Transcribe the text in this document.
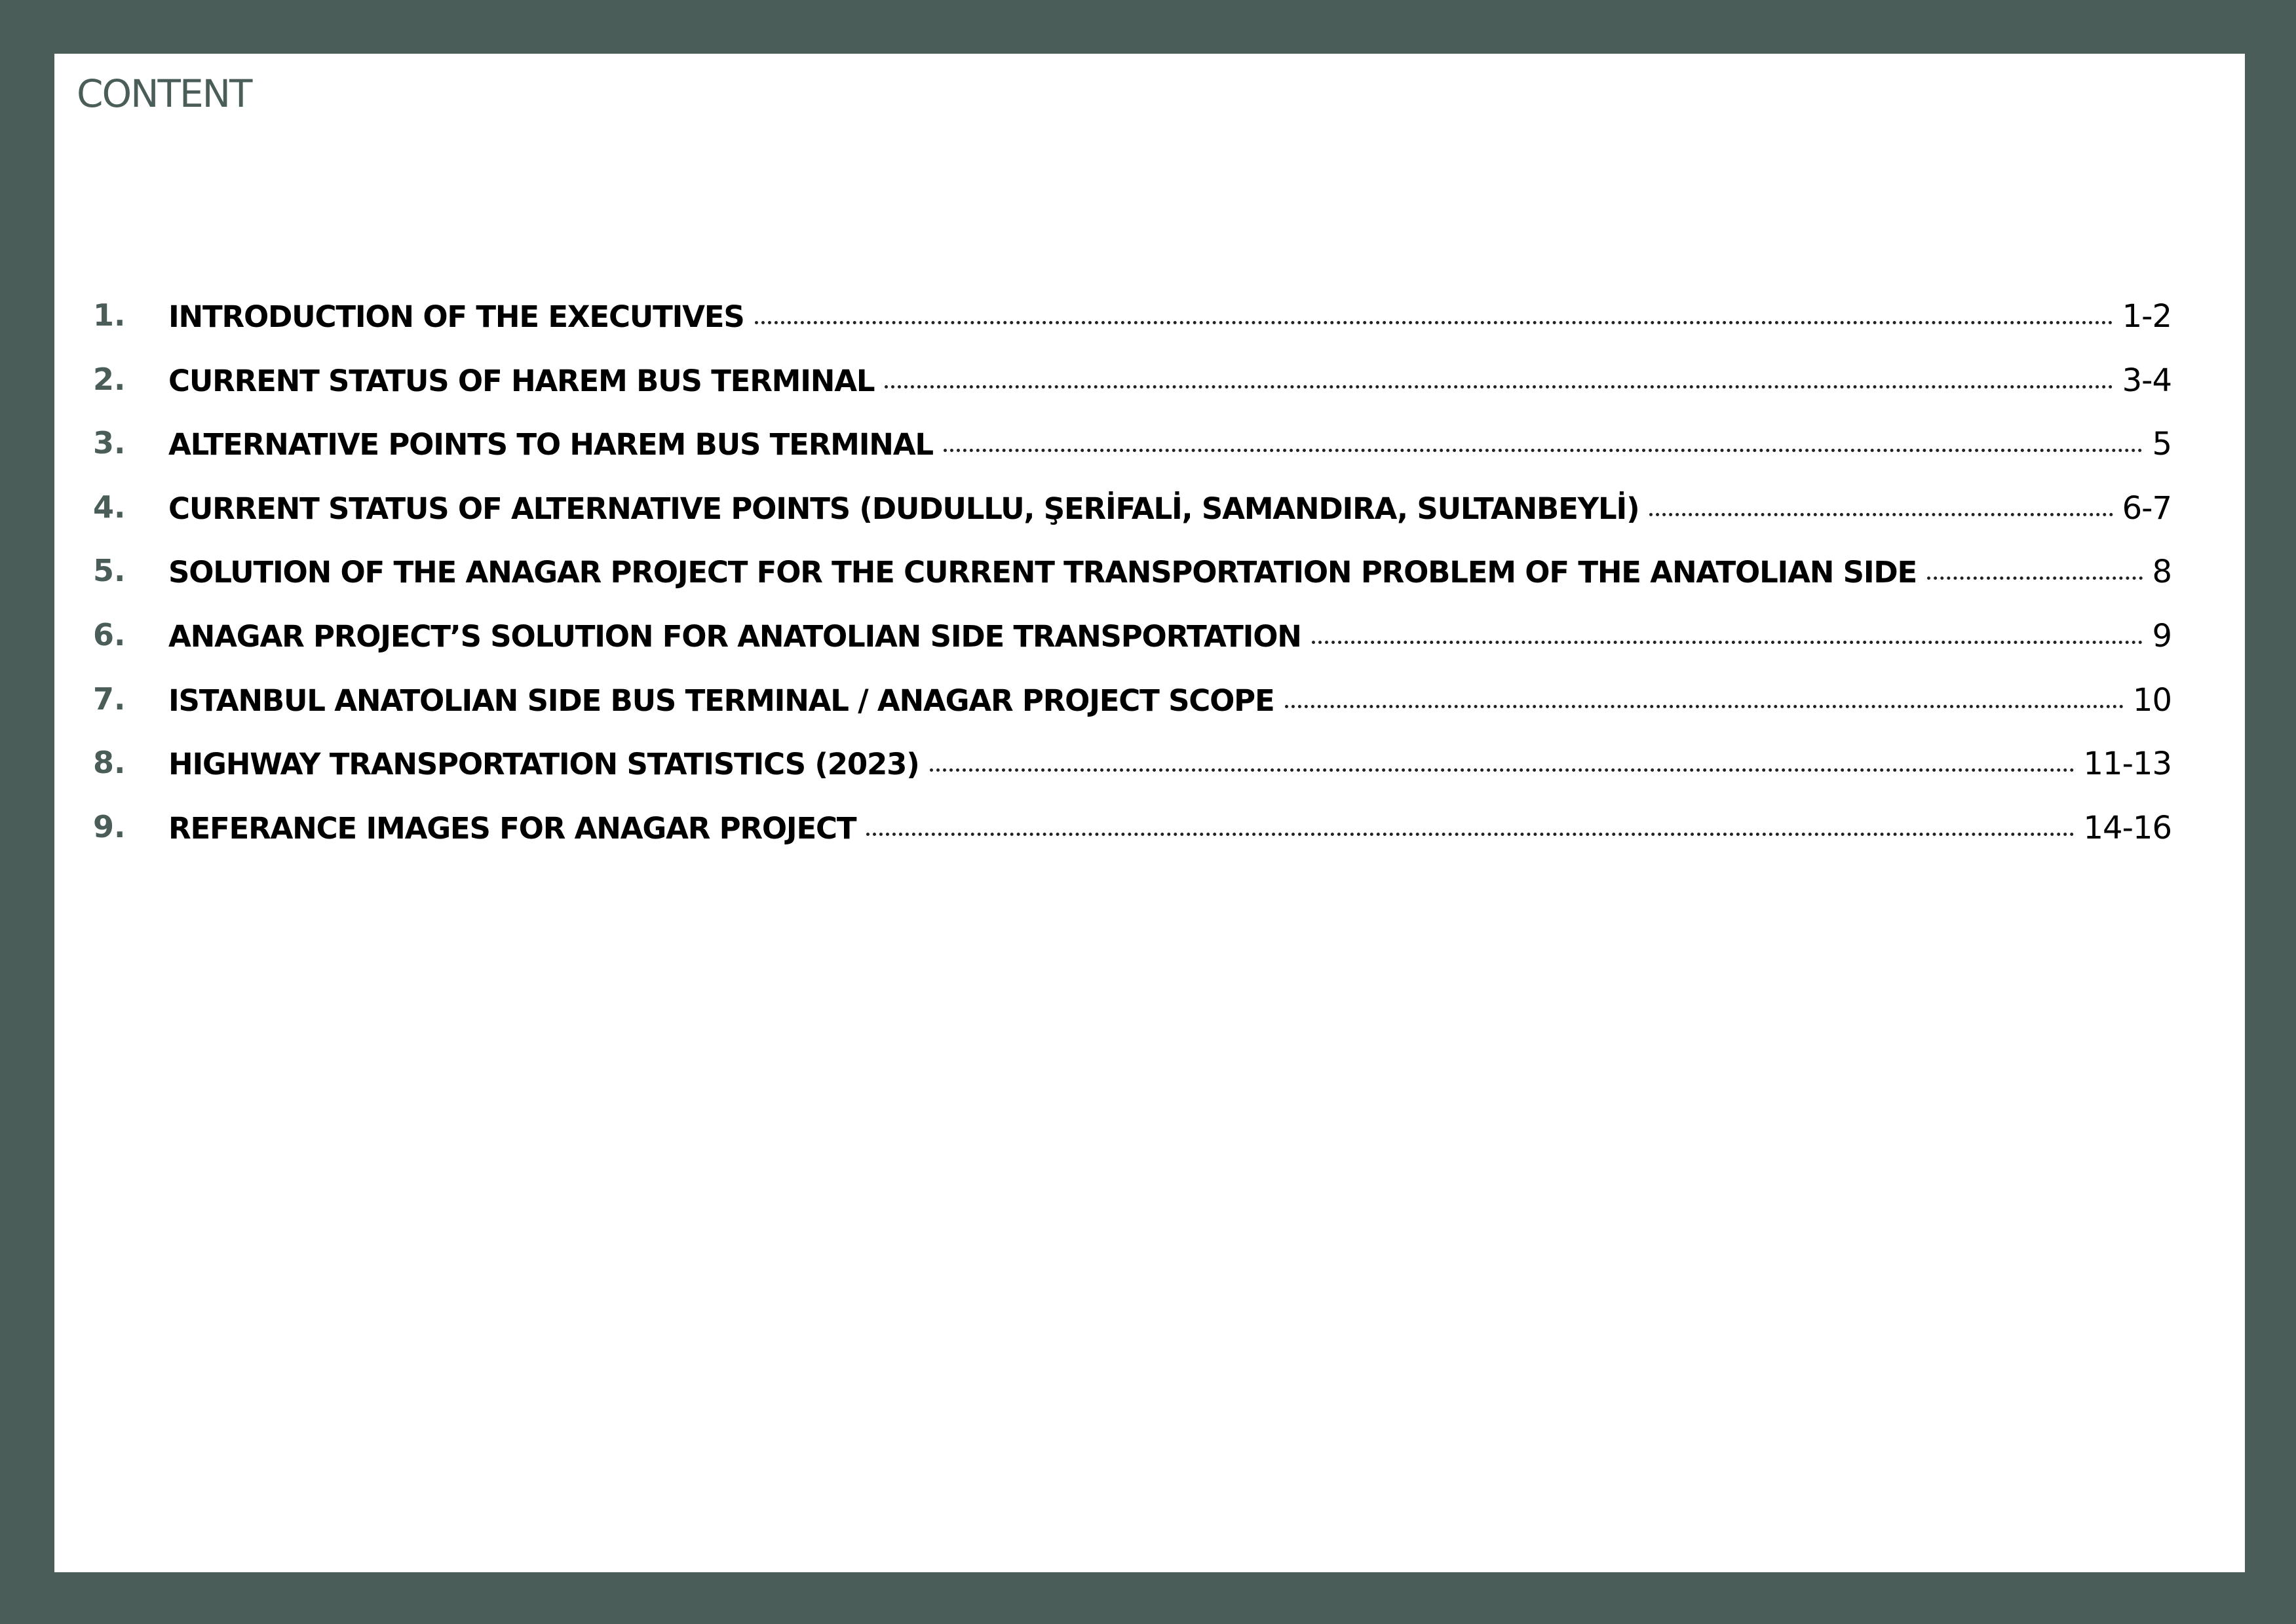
CONTENT
1.	INTRODUCTION OF THE EXECUTIVES	1-2
2.	CURRENT STATUS OF HAREM BUS TERMINAL	3-4
3.	ALTERNATIVE POINTS TO HAREM BUS TERMINAL	5
4.	CURRENT STATUS OF ALTERNATIVE POINTS (DUDULLU, ŞERİFALİ, SAMANDIRA, SULTANBEYLİ)	6-7
5.	SOLUTION OF THE ANAGAR PROJECT FOR THE CURRENT TRANSPORTATION PROBLEM OF THE ANATOLIAN SIDE	8
6.	ANAGAR PROJECT’S SOLUTION FOR ANATOLIAN SIDE TRANSPORTATION	9
7.	ISTANBUL ANATOLIAN SIDE BUS TERMINAL / ANAGAR PROJECT SCOPE	10
8.	HIGHWAY TRANSPORTATION STATISTICS (2023)	11-13
9.	REFERANCE IMAGES FOR ANAGAR PROJECT	14-16
